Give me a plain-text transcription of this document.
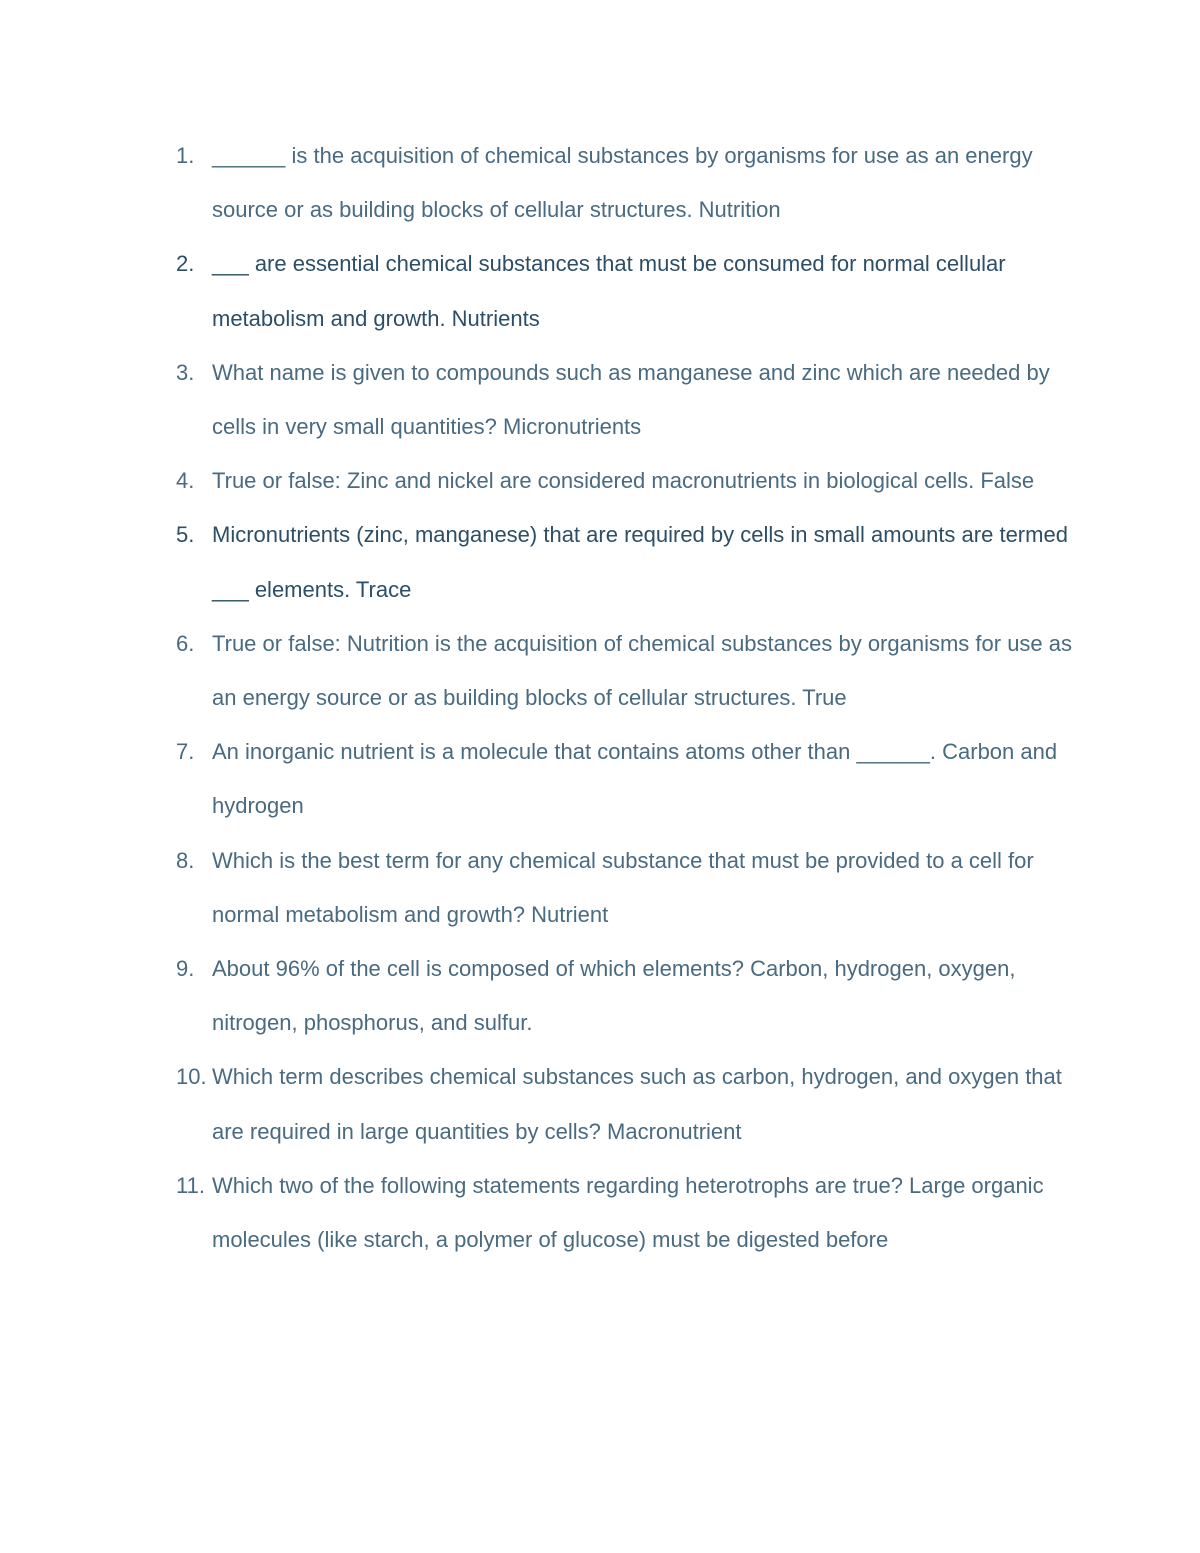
1. ______ is the acquisition of chemical substances by organisms for use as an energy source or as building blocks of cellular structures. Nutrition
2. ___ are essential chemical substances that must be consumed for normal cellular metabolism and growth. Nutrients
3. What name is given to compounds such as manganese and zinc which are needed by cells in very small quantities? Micronutrients
4. True or false: Zinc and nickel are considered macronutrients in biological cells. False
5. Micronutrients (zinc, manganese) that are required by cells in small amounts are termed ___ elements. Trace
6. True or false: Nutrition is the acquisition of chemical substances by organisms for use as an energy source or as building blocks of cellular structures. True
7. An inorganic nutrient is a molecule that contains atoms other than ______. Carbon and hydrogen
8. Which is the best term for any chemical substance that must be provided to a cell for normal metabolism and growth? Nutrient
9. About 96% of the cell is composed of which elements? Carbon, hydrogen, oxygen, nitrogen, phosphorus, and sulfur.
10. Which term describes chemical substances such as carbon, hydrogen, and oxygen that are required in large quantities by cells? Macronutrient
11. Which two of the following statements regarding heterotrophs are true? Large organic molecules (like starch, a polymer of glucose) must be digested before
